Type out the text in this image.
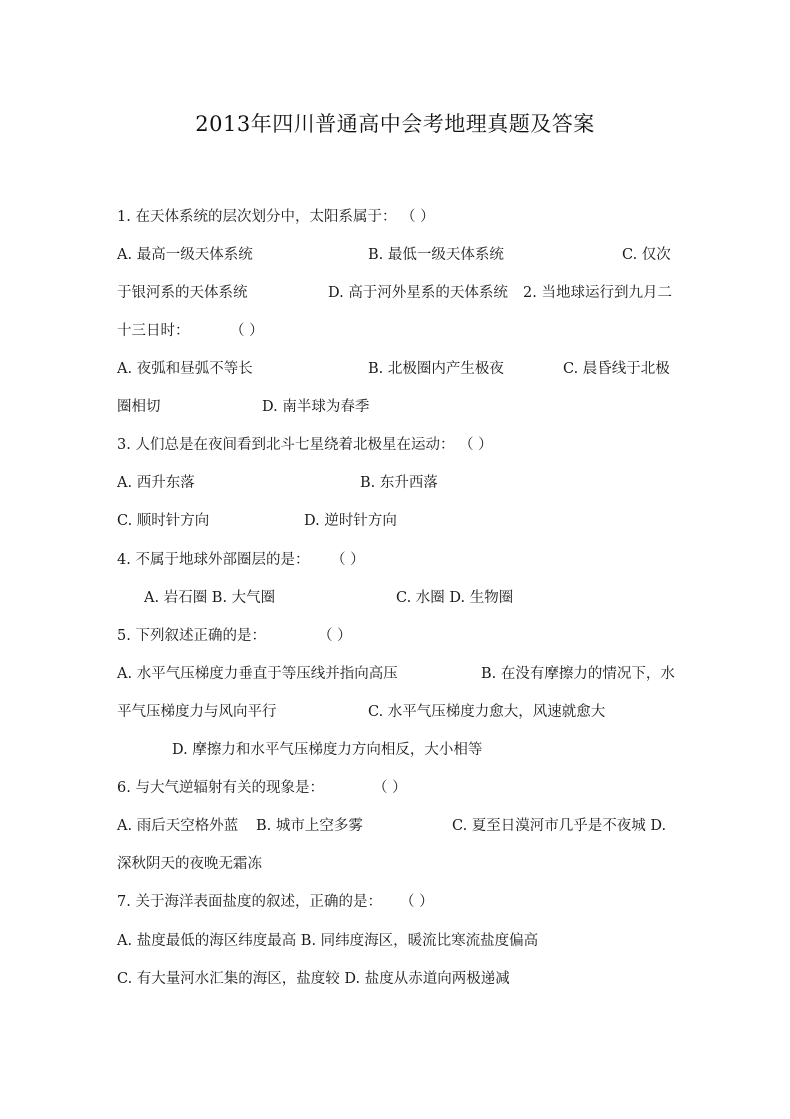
2013年四川普通高中会考地理真题及答案
1. 在天体系统的层次划分中，太阳系属于： （ ）
A. 最高一级天体系统	B. 最低一级天体系统	C. 仅次
于银河系的天体系统	D. 高于河外星系的天体系统 2. 当地球运行到九月二
十三日时：	（ ）
A. 夜弧和昼弧不等长	B. 北极圈内产生极夜	C. 晨昏线于北极
圈相切	D. 南半球为春季
3. 人们总是在夜间看到北斗七星绕着北极星在运动： （ ）
A. 西升东落	B. 东升西落
C. 顺时针方向	D. 逆时针方向
4. 不属于地球外部圈层的是： （ ）
A. 岩石圈 B. 大气圈	C. 水圈 D. 生物圈
5. 下列叙述正确的是：	（ ）
A. 水平气压梯度力垂直于等压线并指向高压	B. 在没有摩擦力的情况下，水
平气压梯度力与风向平行	C. 水平气压梯度力愈大，风速就愈大
D. 摩擦力和水平气压梯度力方向相反，大小相等
6. 与大气逆辐射有关的现象是：	（ ）
A. 雨后天空格外蓝 B. 城市上空多雾	C. 夏至日漠河市几乎是不夜城 D.
深秋阴天的夜晚无霜冻
7. 关于海洋表面盐度的叙述，正确的是： （ ）
A. 盐度最低的海区纬度最高 B. 同纬度海区，暖流比寒流盐度偏高
C. 有大量河水汇集的海区，盐度较 D. 盐度从赤道向两极递减
